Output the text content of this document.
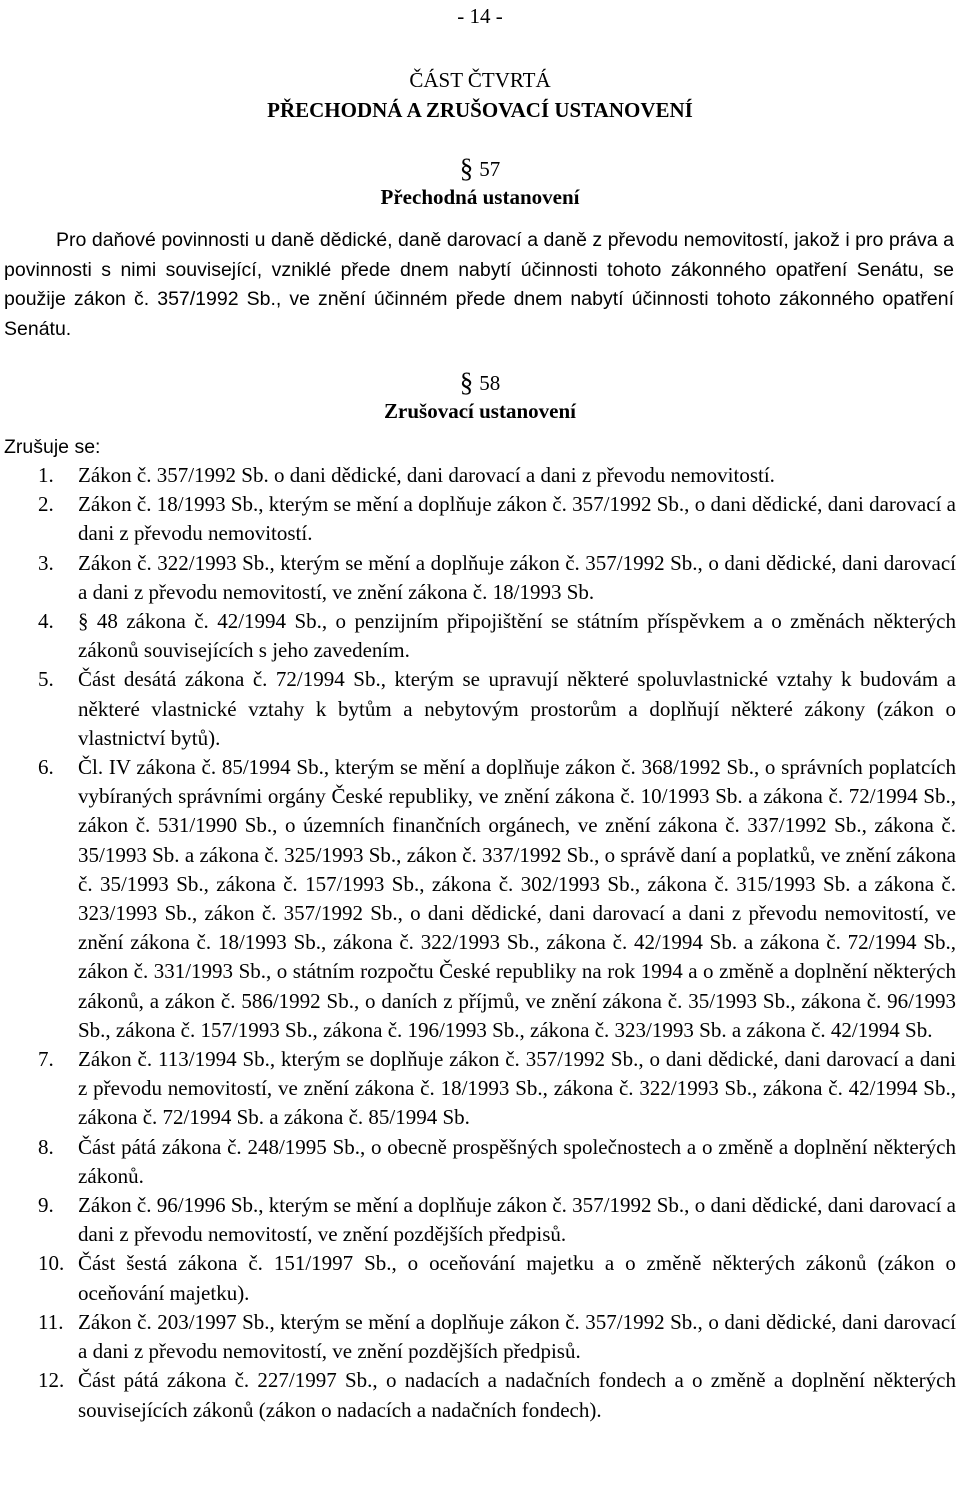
- 14 -
ČÁST ČTVRTÁ
PŘECHODNÁ A ZRUŠOVACÍ USTANOVENÍ
§ 57
Přechodná ustanovení
Pro daňové povinnosti u daně dědické, daně darovací a daně z převodu nemovitostí, jakož i pro práva a povinnosti s nimi související, vzniklé přede dnem nabytí účinnosti tohoto zákonného opatření Senátu, se použije zákon č. 357/1992 Sb., ve znění účinném přede dnem nabytí účinnosti tohoto zákonného opatření Senátu.
§ 58
Zrušovací ustanovení
Zrušuje se:
1. Zákon č. 357/1992 Sb. o dani dědické, dani darovací a dani z převodu nemovitostí.
2. Zákon č. 18/1993 Sb., kterým se mění a doplňuje zákon č. 357/1992 Sb., o dani dědické, dani darovací a dani z převodu nemovitostí.
3. Zákon č. 322/1993 Sb., kterým se mění a doplňuje zákon č. 357/1992 Sb., o dani dědické, dani darovací a dani z převodu nemovitostí, ve znění zákona č. 18/1993 Sb.
4. § 48 zákona č. 42/1994 Sb., o penzijním připojištění se státním příspěvkem a o změnách některých zákonů souvisejících s jeho zavedením.
5. Část desátá zákona č. 72/1994 Sb., kterým se upravují některé spoluvlastnické vztahy k budovám a některé vlastnické vztahy k bytům a nebytovým prostorům a doplňují některé zákony (zákon o vlastnictví bytů).
6. Čl. IV zákona č. 85/1994 Sb., kterým se mění a doplňuje zákon č. 368/1992 Sb., o správních poplatcích vybíraných správními orgány České republiky, ve znění zákona č. 10/1993 Sb. a zákona č. 72/1994 Sb., zákon č. 531/1990 Sb., o územních finančních orgánech, ve znění zákona č. 337/1992 Sb., zákona č. 35/1993 Sb. a zákona č. 325/1993 Sb., zákon č. 337/1992 Sb., o správě daní a poplatků, ve znění zákona č. 35/1993 Sb., zákona č. 157/1993 Sb., zákona č. 302/1993 Sb., zákona č. 315/1993 Sb. a zákona č. 323/1993 Sb., zákon č. 357/1992 Sb., o dani dědické, dani darovací a dani z převodu nemovitostí, ve znění zákona č. 18/1993 Sb., zákona č. 322/1993 Sb., zákona č. 42/1994 Sb. a zákona č. 72/1994 Sb., zákon č. 331/1993 Sb., o státním rozpočtu České republiky na rok 1994 a o změně a doplnění některých zákonů, a zákon č. 586/1992 Sb., o daních z příjmů, ve znění zákona č. 35/1993 Sb., zákona č. 96/1993 Sb., zákona č. 157/1993 Sb., zákona č. 196/1993 Sb., zákona č. 323/1993 Sb. a zákona č. 42/1994 Sb.
7. Zákon č. 113/1994 Sb., kterým se doplňuje zákon č. 357/1992 Sb., o dani dědické, dani darovací a dani z převodu nemovitostí, ve znění zákona č. 18/1993 Sb., zákona č. 322/1993 Sb., zákona č. 42/1994 Sb., zákona č. 72/1994 Sb. a zákona č. 85/1994 Sb.
8. Část pátá zákona č. 248/1995 Sb., o obecně prospěšných společnostech a o změně a doplnění některých zákonů.
9. Zákon č. 96/1996 Sb., kterým se mění a doplňuje zákon č. 357/1992 Sb., o dani dědické, dani darovací a dani z převodu nemovitostí, ve znění pozdějších předpisů.
10. Část šestá zákona č. 151/1997 Sb., o oceňování majetku a o změně některých zákonů (zákon o oceňování majetku).
11. Zákon č. 203/1997 Sb., kterým se mění a doplňuje zákon č. 357/1992 Sb., o dani dědické, dani darovací a dani z převodu nemovitostí, ve znění pozdějších předpisů.
12. Část pátá zákona č. 227/1997 Sb., o nadacích a nadačních fondech a o změně a doplnění některých souvisejících zákonů (zákon o nadacích a nadačních fondech).
